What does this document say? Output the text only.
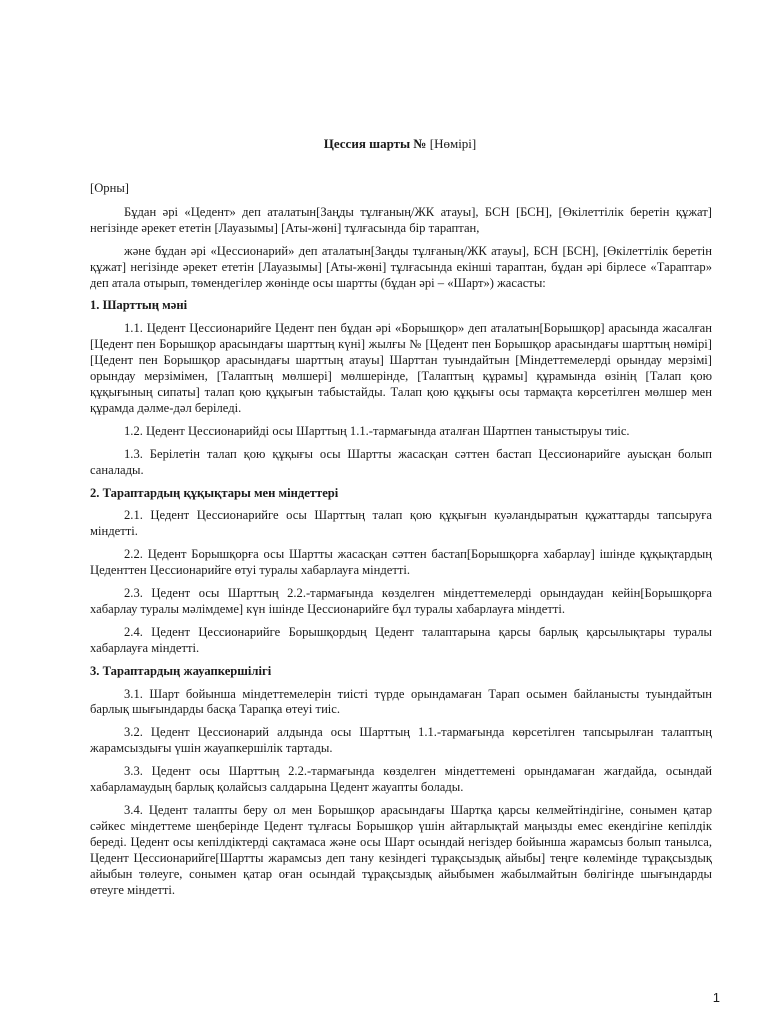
Цессия шарты № [Нөмірі]

[Орны]

Бұдан әрі «Цедент» деп аталатын[Заңды тұлғаның/ЖК атауы], БСН [БСН], [Өкілеттілік беретін құжат] негізінде әрекет ететін [Лауазымы] [Аты-жөні] тұлғасында бір тараптан,

және бұдан әрі «Цессионарий» деп аталатын[Заңды тұлғаның/ЖК атауы], БСН [БСН], [Өкілеттілік беретін құжат] негізінде әрекет ететін [Лауазымы] [Аты-жөні] тұлғасында екінші тараптан, бұдан әрі бірлесе «Тараптар» деп атала отырып, төмендегілер жөнінде осы шартты (бұдан әрі – «Шарт») жасасты:

1. Шарттың мәні

1.1. Цедент Цессионарийге Цедент пен бұдан әрі «Борышқор» деп аталатын[Борышқор] арасында жасалған [Цедент пен Борышқор арасындағы шарттың күні] жылғы № [Цедент пен Борышқор арасындағы шарттың нөмірі] [Цедент пен Борышқор арасындағы шарттың атауы] Шарттан туындайтын [Міндеттемелерді орындау мерзімі] орындау мерзімімен, [Талаптың мөлшері] мөлшерінде, [Талаптың құрамы] құрамында өзінің [Талап қою құқығының сипаты] талап қою құқығын табыстайды. Талап қою құқығы осы тармақта көрсетілген мөлшер мен құрамда дәлме-дәл беріледі.

1.2. Цедент Цессионарийді осы Шарттың 1.1.-тармағында аталған Шартпен таныстыруы тиіс.

1.3. Берілетін талап қою құқығы осы Шартты жасасқан сәттен бастап Цессионарийге ауысқан болып саналады.

2. Тараптардың құқықтары мен міндеттері

2.1. Цедент Цессионарийге осы Шарттың талап қою құқығын куәландыратын құжаттарды тапсыруға міндетті.

2.2. Цедент Борышқорға осы Шартты жасасқан сәттен бастап[Борышқорға хабарлау] ішінде құқықтардың Цеденттен Цессионарийге өтуі туралы хабарлауға міндетті.

2.3. Цедент осы Шарттың 2.2.-тармағында көзделген міндеттемелерді орындаудан кейін[Борышқорға хабарлау туралы мәлімдеме] күн ішінде Цессионарийге бұл туралы хабарлауға міндетті.

2.4. Цедент Цессионарийге Борышқордың Цедент талаптарына қарсы барлық қарсылықтары туралы хабарлауға міндетті.

3. Тараптардың жауапкершілігі

3.1. Шарт бойынша міндеттемелерін тиісті түрде орындамаған Тарап осымен байланысты туындайтын барлық шығындарды басқа Тарапқа өтеуі тиіс.

3.2. Цедент Цессионарий алдында осы Шарттың 1.1.-тармағында көрсетілген тапсырылған талаптың жарамсыздығы үшін жауапкершілік тартады.

3.3. Цедент осы Шарттың 2.2.-тармағында көзделген міндеттемені орындамаған жағдайда, осындай хабарламаудың барлық қолайсыз салдарына Цедент жауапты болады.

3.4. Цедент талапты беру ол мен Борышқор арасындағы Шартқа қарсы келмейтіндігіне, сонымен қатар сәйкес міндеттеме шеңберінде Цедент тұлғасы Борышқор үшін айтарлықтай маңызды емес екендігіне кепілдік береді. Цедент осы кепілдіктерді сақтамаса және осы Шарт осындай негіздер бойынша жарамсыз болып танылса, Цедент Цессионарийге[Шартты жарамсыз деп тану кезіндегі тұрақсыздық айыбы] теңге көлемінде тұрақсыздық айыбын төлеуге, сонымен қатар оған осындай тұрақсыздық айыбымен жабылмайтын бөлігінде шығындарды өтеуге міндетті.

1
